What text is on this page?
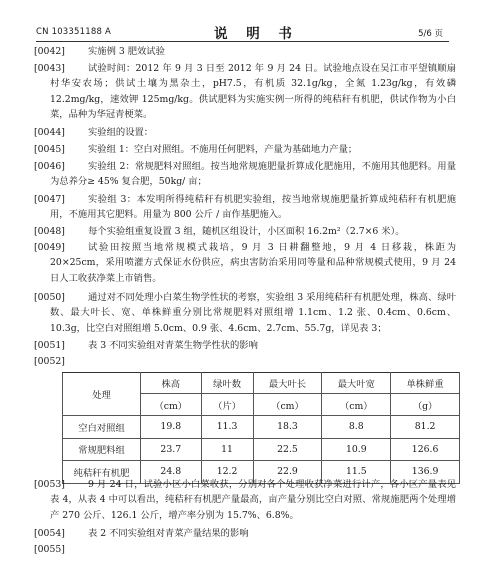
CN 103351188 A	说 明 书	5/6 页
[0042] 实施例 3 肥效试验
[0043]	试验时间：2012 年 9 月 3 日至 2012 年 9 月 24 日。试验地点设在吴江市平望镇顺扇村华安农场；供试土壤为黑杂土，pH7.5，有机质 32.1g/kg，全氮 1.23g/kg，有效磷 12.2mg/kg，速效钾 125mg/kg。供试肥料为实施实例一所得的纯秸秆有机肥，供试作物为小白菜，品种为华冠青梗菜。
[0044] 实验组的设置：
[0045] 实验组 1：空白对照组。不施用任何肥料，产量为基础地力产量；
[0046]	实验组 2：常规肥料对照组。按当地常规施肥量折算成化肥施用，不施用其他肥料。用量为总养分≥ 45% 复合肥，50kg/ 亩；
[0047]	实验组 3：本发明所得纯秸秆有机肥实验组，按当地常规施肥量折算成纯秸秆有机肥施用，不施用其它肥料。用量为 800 公斤 / 亩作基肥施入。
[0048] 每个实验组重复设置 3 组，随机区组设计，小区面积 16.2m²（2.7×6 米）。
[0049]	试验田按照当地常规模式栽培，9 月 3 日耕翻整地，9 月 4 日移栽，株距为 20×25cm，采用喷灌方式保证水份供应，病虫害防治采用同等量和品种常规模式使用，9 月 24 日人工收获净菜上市销售。
[0050]	通过对不同处理小白菜生物学性状的考察，实验组 3 采用纯秸秆有机肥处理，株高、绿叶数、最大叶长、宽、单株鲜重分别比常规肥料对照组增 1.1cm、1.2 张、0.4cm、0.6cm、10.3g，比空白对照组增 5.0cm、0.9 张、4.6cm、2.7cm、55.7g，详见表 3；
[0051] 表 3 不同实验组对青菜生物学性状的影响
[0052]
处理	株高	绿叶数	最大叶长	最大叶宽	单株鲜重
	（cm）	（片）	（cm）	（cm）	（g）
空白对照组	19.8	11.3	18.3	8.8	81.2
常规肥料组	23.7	11	22.5	10.9	126.6
纯秸秆有机肥	24.8	12.2	22.9	11.5	136.9
[0053]	9 月 24 日，试验小区小白菜收获，分别对各个处理收获净菜进行计产，各小区产量表见表 4，从表 4 中可以看出，纯秸秆有机肥产量最高，亩产量分别比空白对照、常规施肥两个处理增产 270 公斤、126.1 公斤，增产率分别为 15.7%、6.8%。
[0054] 表 2 不同实验组对青菜产量结果的影响
[0055]
